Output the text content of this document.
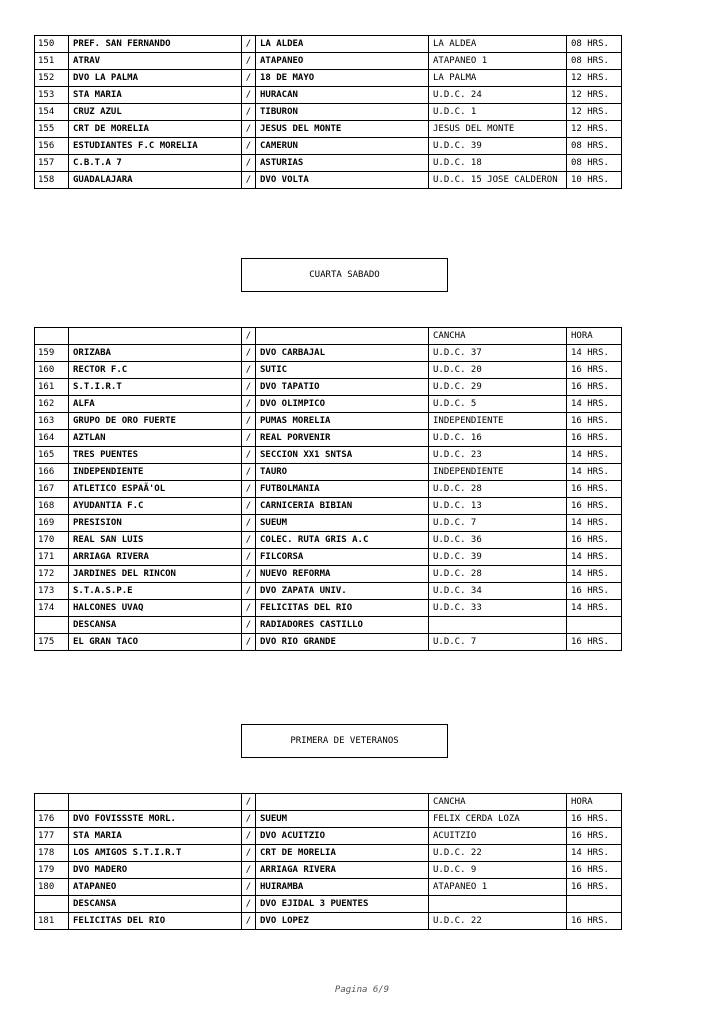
150	PREF. SAN FERNANDO	/	LA ALDEA	LA ALDEA	08 HRS.
151	ATRAV	/	ATAPANEO	ATAPANEO 1	08 HRS.
152	DVO LA PALMA	/	18 DE MAYO	LA PALMA	12 HRS.
153	STA MARIA	/	HURACAN	U.D.C. 24	12 HRS.
154	CRUZ AZUL	/	TIBURON	U.D.C. 1	12 HRS.
155	CRT DE MORELIA	/	JESUS DEL MONTE	JESUS DEL MONTE	12 HRS.
156	ESTUDIANTES F.C MORELIA	/	CAMERUN	U.D.C. 39	08 HRS.
157	C.B.T.A 7	/	ASTURIAS	U.D.C. 18	08 HRS.
158	GUADALAJARA	/	DVO VOLTA	U.D.C. 15 JOSE CALDERON	10 HRS.
CUARTA SABADO
		/		CANCHA	HORA
159	ORIZABA	/	DVO CARBAJAL	U.D.C. 37	14 HRS.
160	RECTOR F.C	/	SUTIC	U.D.C. 20	16 HRS.
161	S.T.I.R.T	/	DVO TAPATIO	U.D.C. 29	16 HRS.
162	ALFA	/	DVO OLIMPICO	U.D.C. 5	14 HRS.
163	GRUPO DE ORO FUERTE	/	PUMAS MORELIA	INDEPENDIENTE	16 HRS.
164	AZTLAN	/	REAL PORVENIR	U.D.C. 16	16 HRS.
165	TRES PUENTES	/	SECCION XX1 SNTSA	U.D.C. 23	14 HRS.
166	INDEPENDIENTE	/	TAURO	INDEPENDIENTE	14 HRS.
167	ATLETICO ESPAÃ'OL	/	FUTBOLMANIA	U.D.C. 28	16 HRS.
168	AYUDANTIA F.C	/	CARNICERIA BIBIAN	U.D.C. 13	16 HRS.
169	PRESISION	/	SUEUM	U.D.C. 7	14 HRS.
170	REAL SAN LUIS	/	COLEC. RUTA GRIS A.C	U.D.C. 36	16 HRS.
171	ARRIAGA RIVERA	/	FILCORSA	U.D.C. 39	14 HRS.
172	JARDINES DEL RINCON	/	NUEVO REFORMA	U.D.C. 28	14 HRS.
173	S.T.A.S.P.E	/	DVO ZAPATA UNIV.	U.D.C. 34	16 HRS.
174	HALCONES UVAQ	/	FELICITAS DEL RIO	U.D.C. 33	14 HRS.
	DESCANSA	/	RADIADORES CASTILLO		
175	EL GRAN TACO	/	DVO RIO GRANDE	U.D.C. 7	16 HRS.
PRIMERA DE VETERANOS
		/		CANCHA	HORA
176	DVO FOVISSSTE MORL.	/	SUEUM	FELIX CERDA LOZA	16 HRS.
177	STA MARIA	/	DVO ACUITZIO	ACUITZIO	16 HRS.
178	LOS AMIGOS S.T.I.R.T	/	CRT DE MORELIA	U.D.C. 22	14 HRS.
179	DVO MADERO	/	ARRIAGA RIVERA	U.D.C. 9	16 HRS.
180	ATAPANEO	/	HUIRAMBA	ATAPANEO 1	16 HRS.
	DESCANSA	/	DVO EJIDAL 3 PUENTES		
181	FELICITAS DEL RIO	/	DVO LOPEZ	U.D.C. 22	16 HRS.
Pagina 6/9
